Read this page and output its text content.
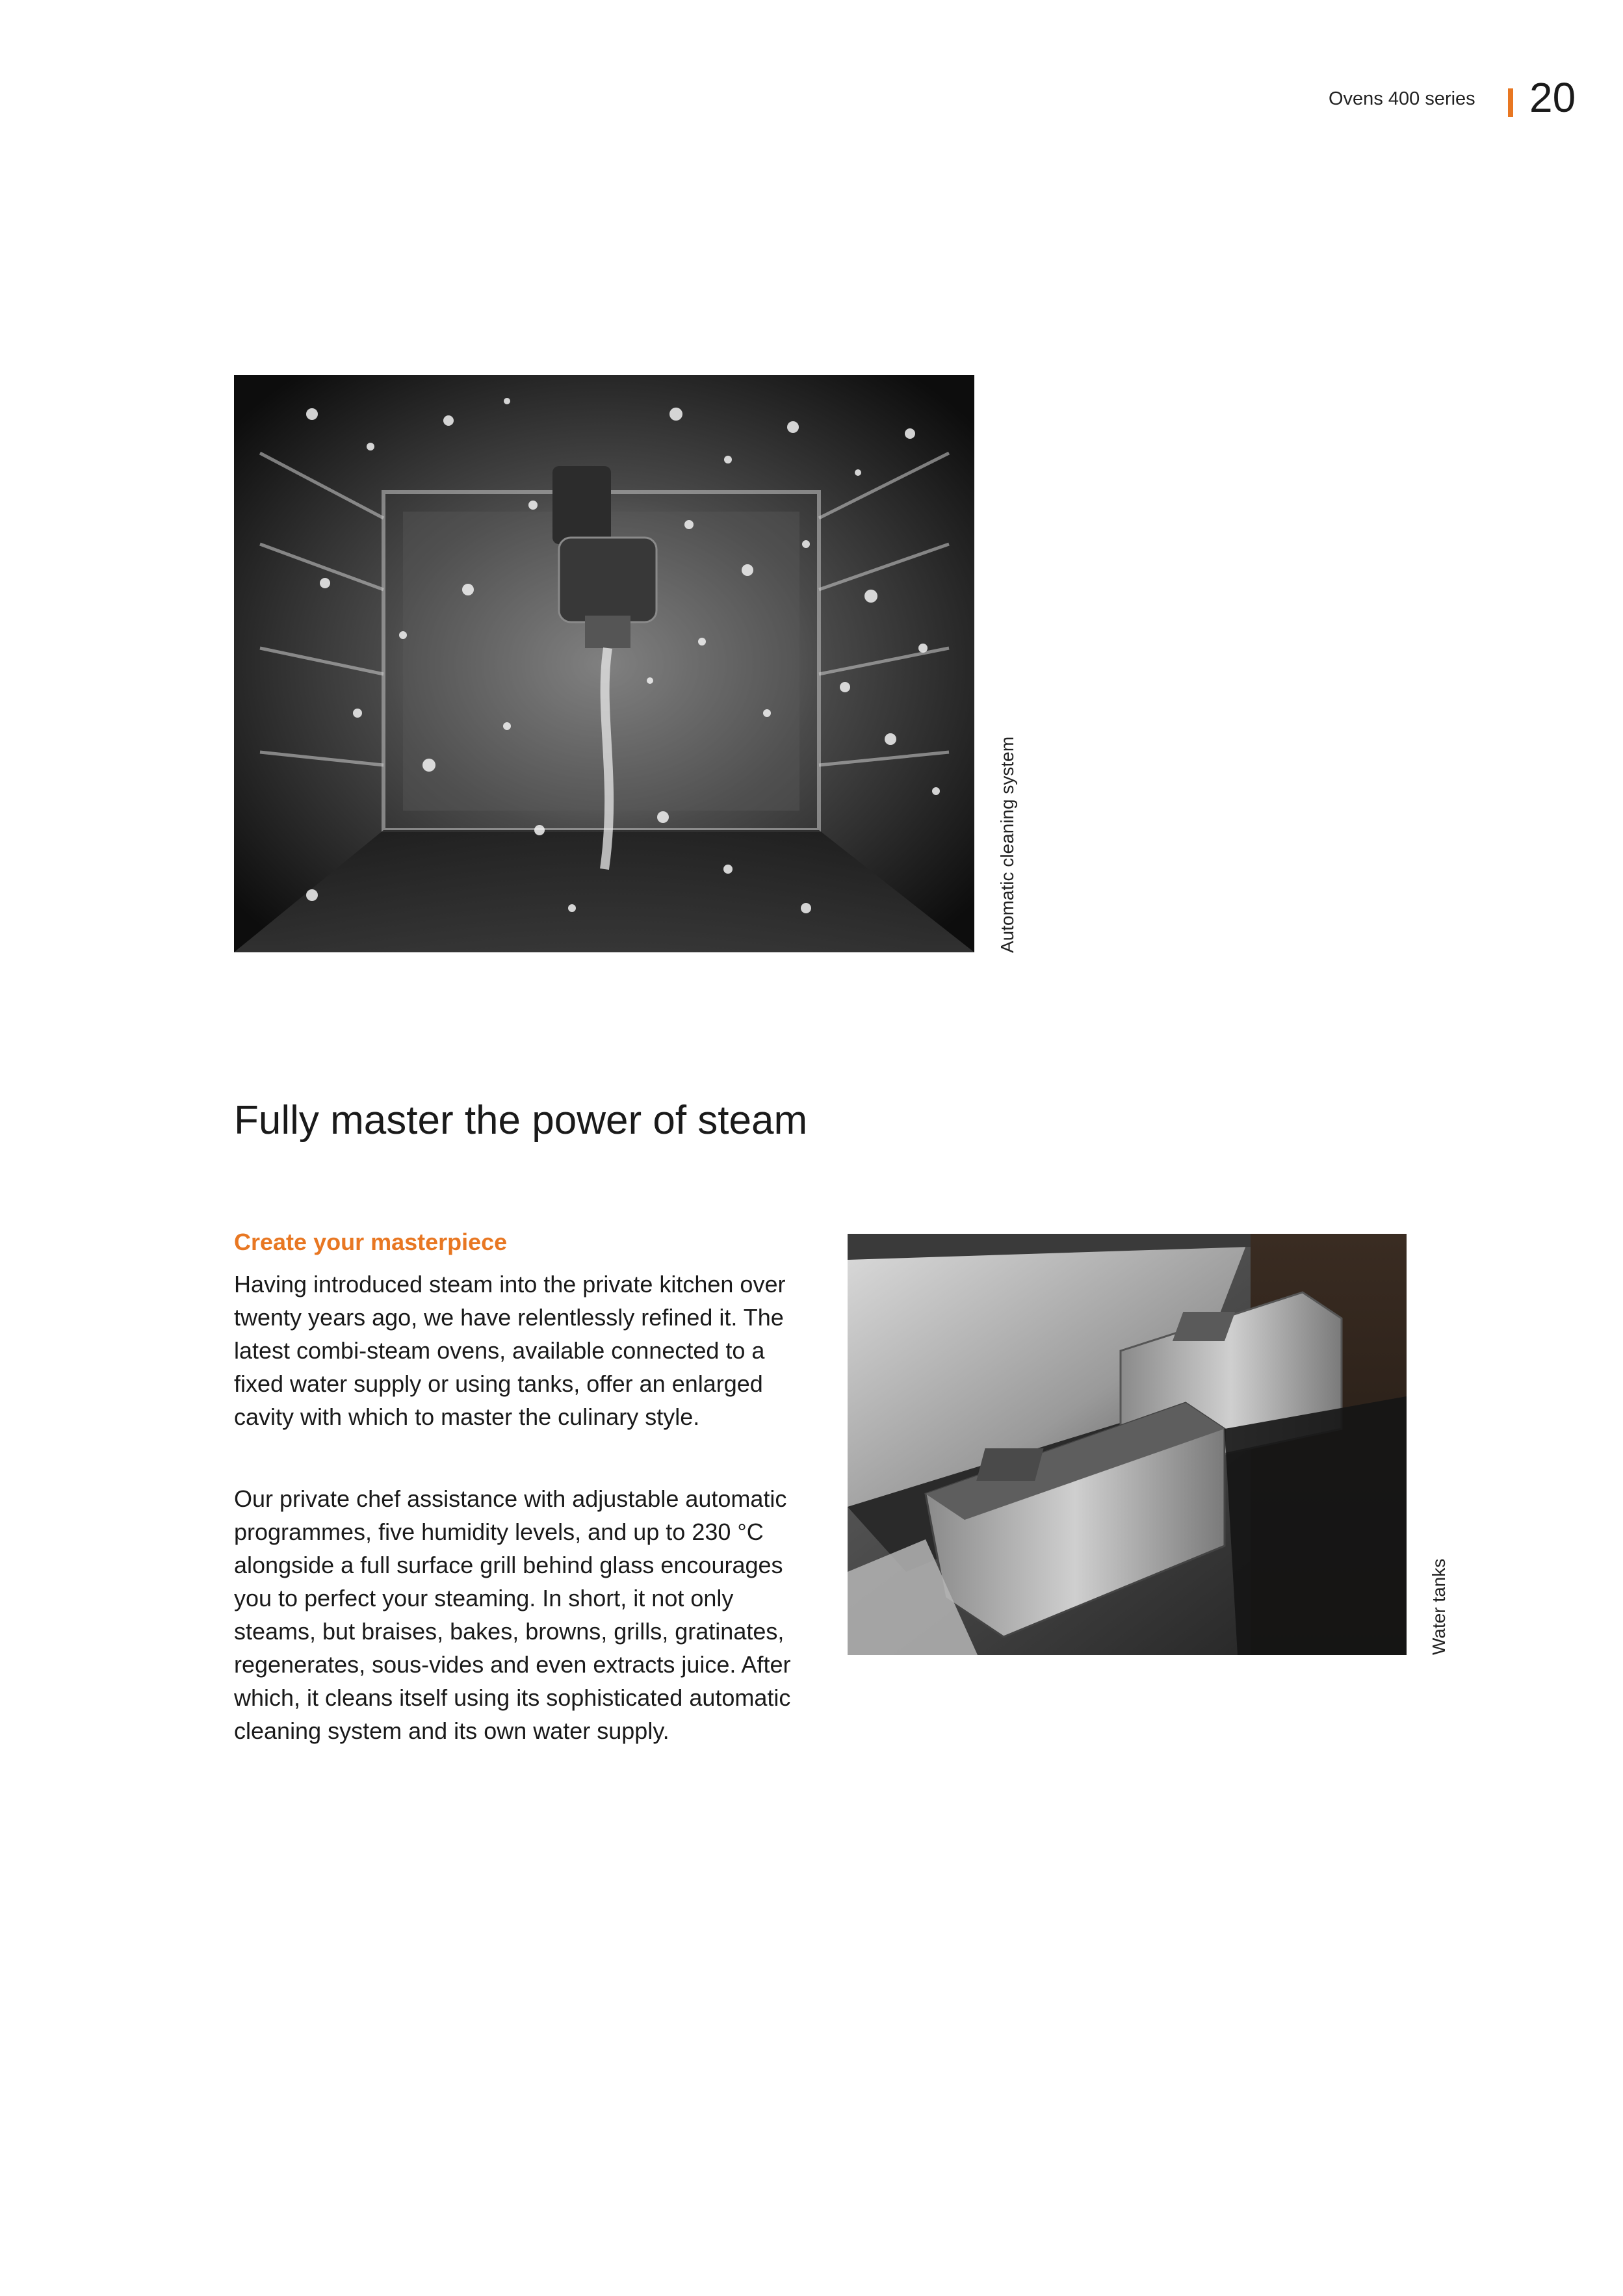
Ovens 400 series 20
Automatic cleaning system
Fully master the power of steam
Create your masterpiece

Having introduced steam into the private kitchen over twenty years ago, we have relentlessly refined it. The latest combi-steam ovens, available connected to a fixed water supply or using tanks, offer an enlarged cavity with which to master the culinary style.

Our private chef assistance with adjustable automatic programmes, five humidity levels, and up to 230 °C alongside a full surface grill behind glass encourages you to perfect your steaming. In short, it not only steams, but braises, bakes, browns, grills, gratinates, regenerates, sous-vides and even extracts juice. After which, it cleans itself using its sophisticated automatic cleaning system and its own water supply.

Water tanks
